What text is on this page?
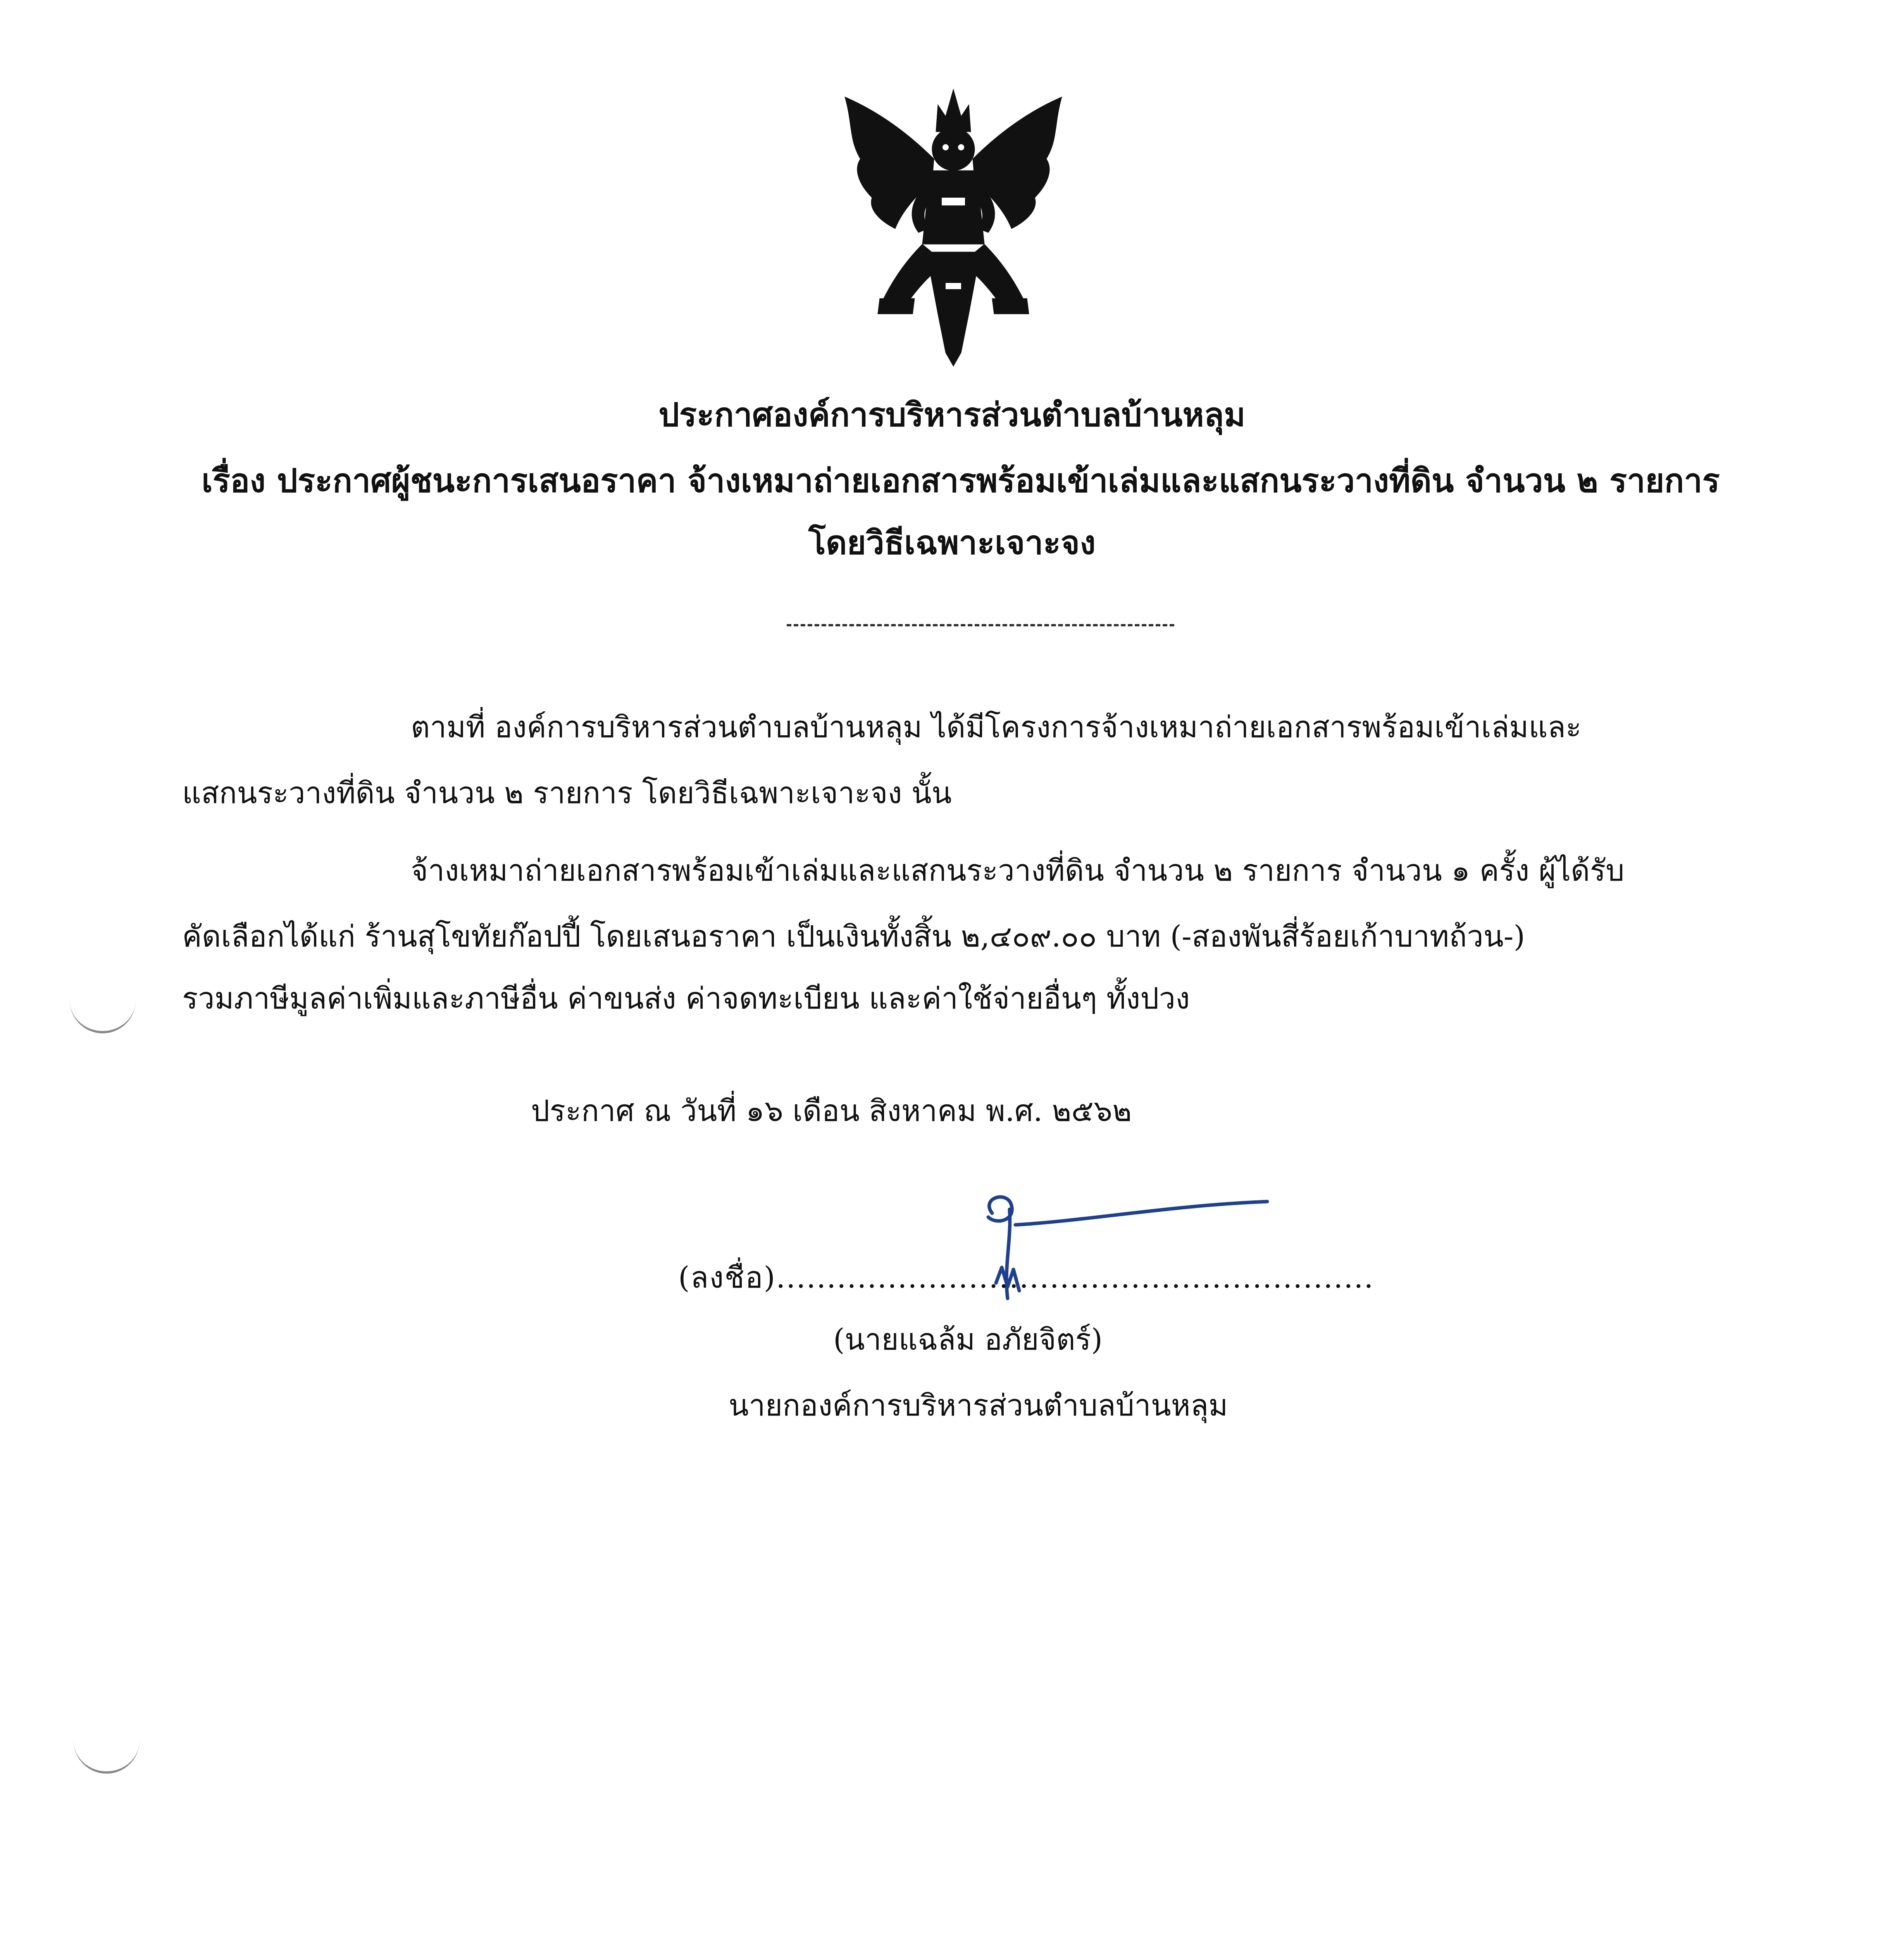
ประกาศองค์การบริหารส่วนตำบลบ้านหลุม
เรื่อง ประกาศผู้ชนะการเสนอราคา จ้างเหมาถ่ายเอกสารพร้อมเข้าเล่มและแสกนระวางที่ดิน จำนวน ๒ รายการ
โดยวิธีเฉพาะเจาะจง
ตามที่ องค์การบริหารส่วนตำบลบ้านหลุม ได้มีโครงการจ้างเหมาถ่ายเอกสารพร้อมเข้าเล่มและ
แสกนระวางที่ดิน จำนวน ๒ รายการ โดยวิธีเฉพาะเจาะจง นั้น
จ้างเหมาถ่ายเอกสารพร้อมเข้าเล่มและแสกนระวางที่ดิน จำนวน ๒ รายการ จำนวน ๑ ครั้ง ผู้ได้รับ
คัดเลือกได้แก่ ร้านสุโขทัยก๊อปปี้ โดยเสนอราคา เป็นเงินทั้งสิ้น ๒,๔๐๙.๐๐ บาท (-สองพันสี่ร้อยเก้าบาทถ้วน-)
รวมภาษีมูลค่าเพิ่มและภาษีอื่น ค่าขนส่ง ค่าจดทะเบียน และค่าใช้จ่ายอื่นๆ ทั้งปวง
ประกาศ ณ วันที่ ๑๖ เดือน สิงหาคม พ.ศ. ๒๕๖๒
(ลงชื่อ)...........................................................
(นายแฉล้ม อภัยจิตร์)
นายกองค์การบริหารส่วนตำบลบ้านหลุม
